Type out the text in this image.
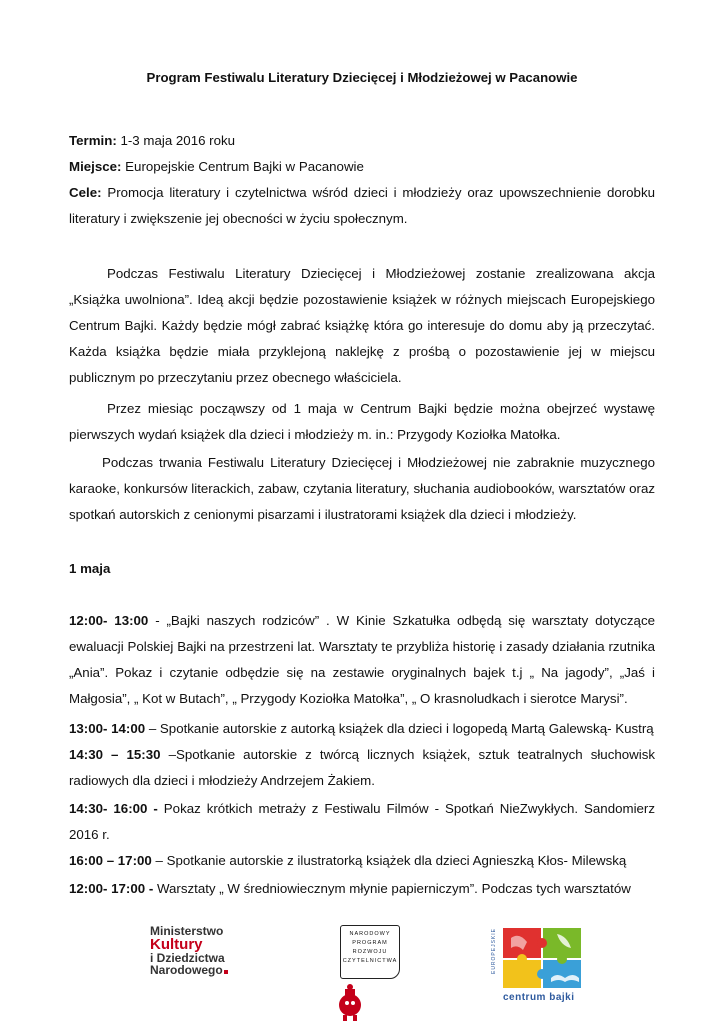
Program Festiwalu Literatury Dziecięcej i Młodzieżowej w Pacanowie
Termin: 1-3 maja 2016 roku
Miejsce: Europejskie Centrum Bajki w Pacanowie
Cele: Promocja literatury i czytelnictwa wśród dzieci i młodzieży oraz upowszechnienie dorobku literatury i zwiększenie jej obecności w życiu społecznym.
Podczas Festiwalu Literatury Dziecięcej i Młodzieżowej zostanie zrealizowana akcja „Książka uwolniona”. Ideą akcji będzie pozostawienie książek w różnych miejscach Europejskiego Centrum Bajki. Każdy będzie mógł zabrać książkę która go interesuje do domu aby ją przeczytać. Każda książka będzie miała przyklejoną naklejkę z prośbą o pozostawienie jej w miejscu publicznym po przeczytaniu przez obecnego właściciela.
Przez miesiąc począwszy od 1 maja w Centrum Bajki będzie można obejrzeć wystawę pierwszych wydań książek dla dzieci i młodzieży m. in.: Przygody Koziołka Matołka.
Podczas trwania Festiwalu Literatury Dziecięcej i Młodzieżowej nie zabraknie muzycznego karaoke, konkursów literackich, zabaw, czytania literatury, słuchania audiobooków, warsztatów oraz spotkań autorskich z cenionymi pisarzami i ilustratorami książek dla dzieci i młodzieży.
1 maja
12:00- 13:00 - „Bajki naszych rodziców” . W Kinie Szkatułka odbędą się warsztaty dotyczące ewaluacji Polskiej Bajki na przestrzeni lat. Warsztaty te przybliża historię i zasady działania rzutnika „Ania”. Pokaz i czytanie odbędzie się na zestawie oryginalnych bajek t.j „ Na jagody”, „Jaś i Małgosia”, „ Kot w Butach”, „ Przygody Koziołka Matołka”, „ O krasnoludkach i sierotce Marysi”.
13:00- 14:00 – Spotkanie autorskie z autorką książek dla dzieci i logopedą Martą Galewską- Kustrą
14:30 – 15:30 –Spotkanie autorskie z twórcą licznych książek, sztuk teatralnych słuchowisk radiowych dla dzieci i młodzieży Andrzejem Żakiem.
14:30- 16:00 - Pokaz krótkich metraży z Festiwalu Filmów - Spotkań NieZwykłych. Sandomierz 2016 r.
16:00 – 17:00 – Spotkanie autorskie z ilustratorką książek dla dzieci Agnieszką Kłos- Milewską
12:00- 17:00 - Warsztaty „ W średniowiecznym młynie papierniczym”. Podczas tych warsztatów
Ministerstwo
Kultury
i Dziedzictwa
Narodowego
NARODOWY
PROGRAM
ROZWOJU
CZYTELNICTWA	EUROPEJSKIE
centrum bajki
